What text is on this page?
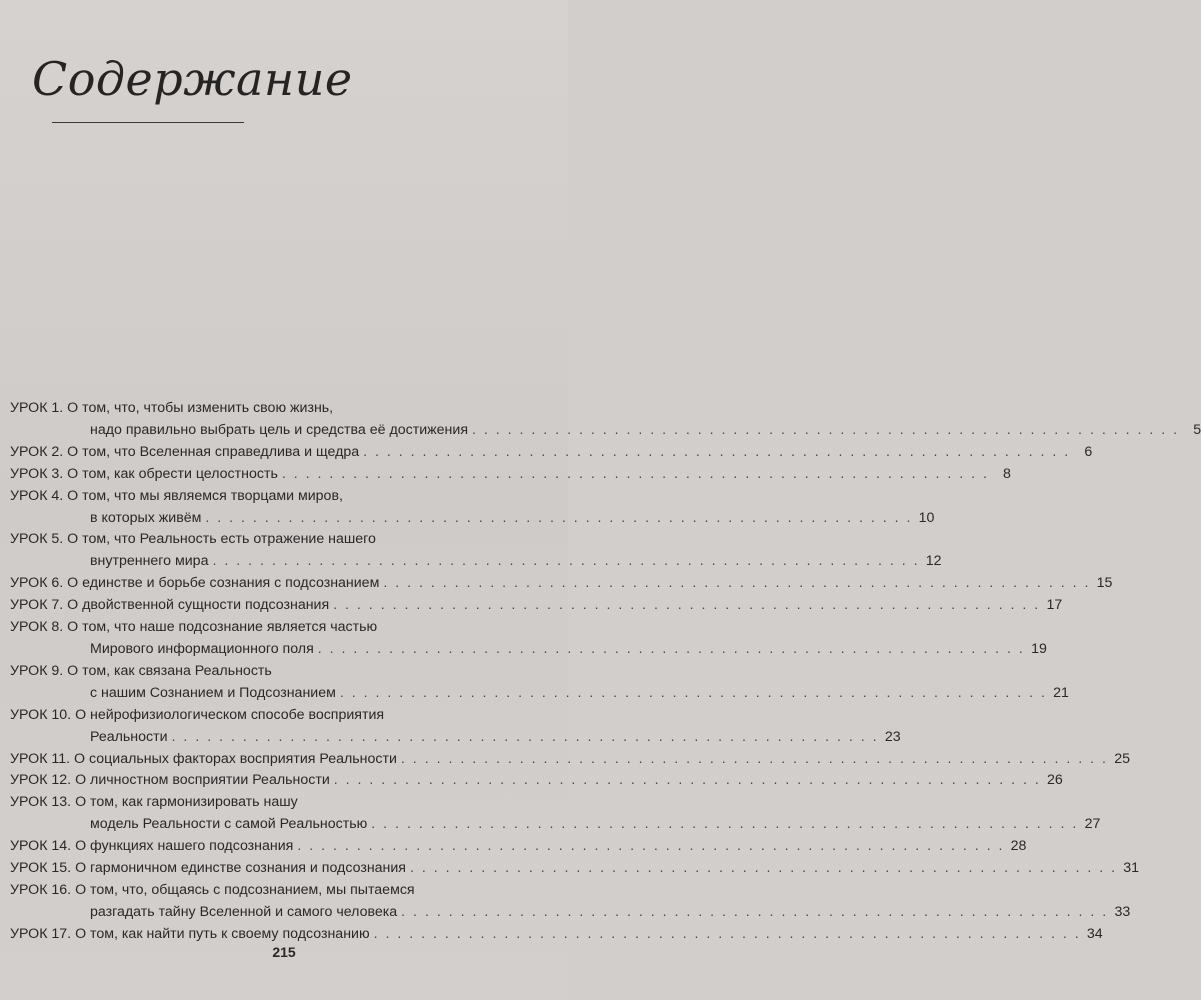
Содержание
УРОК 1. О том, что, чтобы изменить свою жизнь,
надо правильно выбрать цель и средства её достижения . . . . . . . . . . . . . . . . . . . . . . . . . . . . . . . . . . . . . . . . . . . . . . . . . . . . . . . . . . . . 5
УРОК 2. О том, что Вселенная справедлива и щедра . . . . . . . . . . . . . . . . . . . . . . . . . . . . . . . . . . . . . . . . . . . . . . . . . . . . . . . . . . . . 6
УРОК 3. О том, как обрести целостность . . . . . . . . . . . . . . . . . . . . . . . . . . . . . . . . . . . . . . . . . . . . . . . . . . . . . . . . . . . . 8
УРОК 4. О том, что мы являемся творцами миров,
в которых живём . . . . . . . . . . . . . . . . . . . . . . . . . . . . . . . . . . . . . . . . . . . . . . . . . . . . . . . . . . . . 10
УРОК 5. О том, что Реальность есть отражение нашего
внутреннего мира . . . . . . . . . . . . . . . . . . . . . . . . . . . . . . . . . . . . . . . . . . . . . . . . . . . . . . . . . . . . 12
УРОК 6. О единстве и борьбе сознания с подсознанием . . . . . . . . . . . . . . . . . . . . . . . . . . . . . . . . . . . . . . . . . . . . . . . . . . . . . . . . . . . . 15
УРОК 7. О двойственной сущности подсознания . . . . . . . . . . . . . . . . . . . . . . . . . . . . . . . . . . . . . . . . . . . . . . . . . . . . . . . . . . . . 17
УРОК 8. О том, что наше подсознание является частью
Мирового информационного поля . . . . . . . . . . . . . . . . . . . . . . . . . . . . . . . . . . . . . . . . . . . . . . . . . . . . . . . . . . . . 19
УРОК 9. О том, как связана Реальность
с нашим Сознанием и Подсознанием . . . . . . . . . . . . . . . . . . . . . . . . . . . . . . . . . . . . . . . . . . . . . . . . . . . . . . . . . . . . 21
УРОК 10. О нейрофизиологическом способе восприятия
Реальности . . . . . . . . . . . . . . . . . . . . . . . . . . . . . . . . . . . . . . . . . . . . . . . . . . . . . . . . . . . . 23
УРОК 11. О социальных факторах восприятия Реальности . . . . . . . . . . . . . . . . . . . . . . . . . . . . . . . . . . . . . . . . . . . . . . . . . . . . . . . . . . . . 25
УРОК 12. О личностном восприятии Реальности . . . . . . . . . . . . . . . . . . . . . . . . . . . . . . . . . . . . . . . . . . . . . . . . . . . . . . . . . . . . 26
УРОК 13. О том, как гармонизировать нашу
модель Реальности с самой Реальностью . . . . . . . . . . . . . . . . . . . . . . . . . . . . . . . . . . . . . . . . . . . . . . . . . . . . . . . . . . . . 27
УРОК 14. О функциях нашего подсознания . . . . . . . . . . . . . . . . . . . . . . . . . . . . . . . . . . . . . . . . . . . . . . . . . . . . . . . . . . . . 28
УРОК 15. О гармоничном единстве сознания и подсознания . . . . . . . . . . . . . . . . . . . . . . . . . . . . . . . . . . . . . . . . . . . . . . . . . . . . . . . . . . . . 31
УРОК 16. О том, что, общаясь с подсознанием, мы пытаемся
разгадать тайну Вселенной и самого человека . . . . . . . . . . . . . . . . . . . . . . . . . . . . . . . . . . . . . . . . . . . . . . . . . . . . . . . . . . . . 33
УРОК 17. О том, как найти путь к своему подсознанию . . . . . . . . . . . . . . . . . . . . . . . . . . . . . . . . . . . . . . . . . . . . . . . . . . . . . . . . . . . . 34
215
